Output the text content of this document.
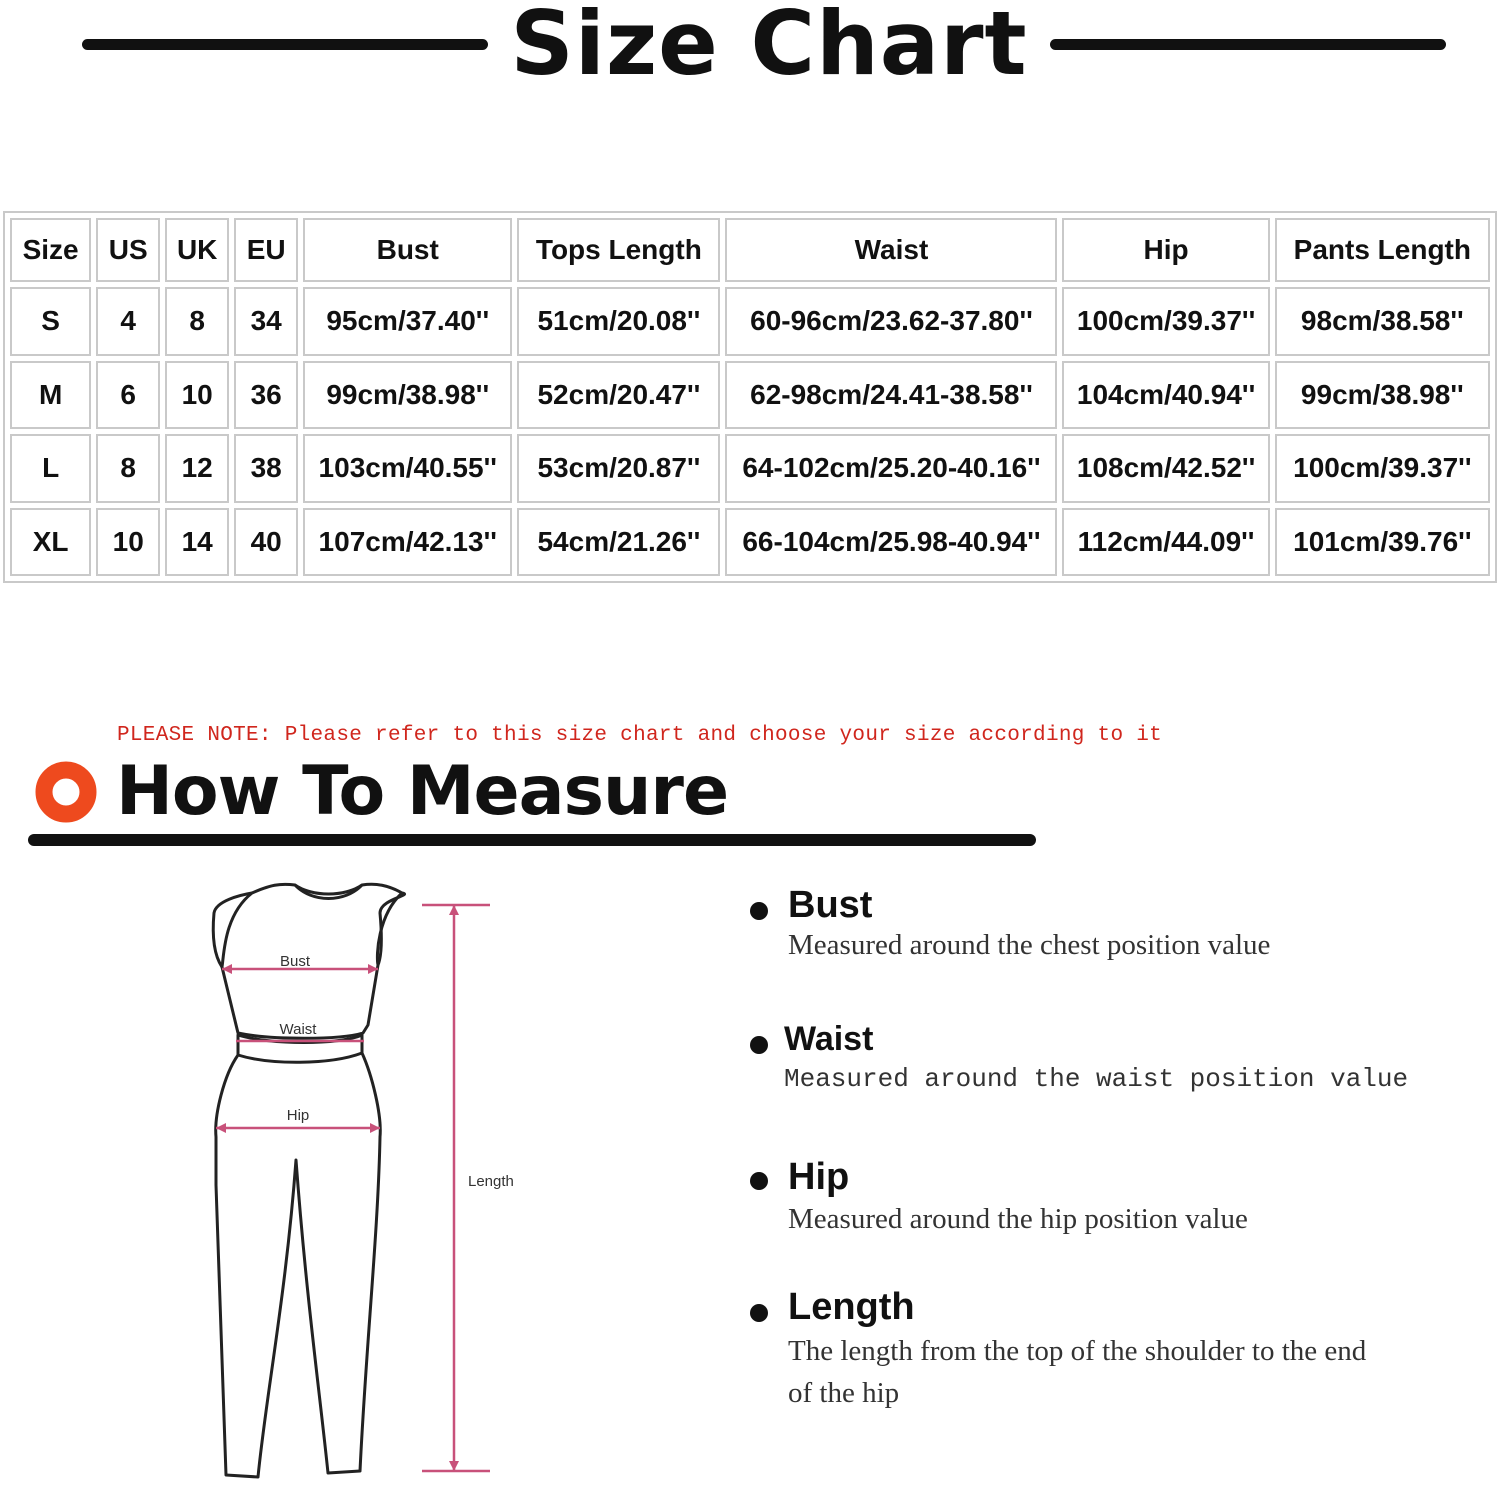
Size Chart
Size	US	UK	EU	Bust	Tops Length	Waist	Hip	Pants Length
S	4	8	34	95cm/37.40''	51cm/20.08''	60-96cm/23.62-37.80''	100cm/39.37''	98cm/38.58''
M	6	10	36	99cm/38.98''	52cm/20.47''	62-98cm/24.41-38.58''	104cm/40.94''	99cm/38.98''
L	8	12	38	103cm/40.55''	53cm/20.87''	64-102cm/25.20-40.16''	108cm/42.52''	100cm/39.37''
XL	10	14	40	107cm/42.13''	54cm/21.26''	66-104cm/25.98-40.94''	112cm/44.09''	101cm/39.76''
PLEASE NOTE: Please refer to this size chart and choose your size according to it
How To Measure
Bust
Waist
Hip
Length
Bust
Measured around the chest position value
Waist
Measured around the waist position value
Hip
Measured around the hip position value
Length
The length from the top of the shoulder to the end of the hip
